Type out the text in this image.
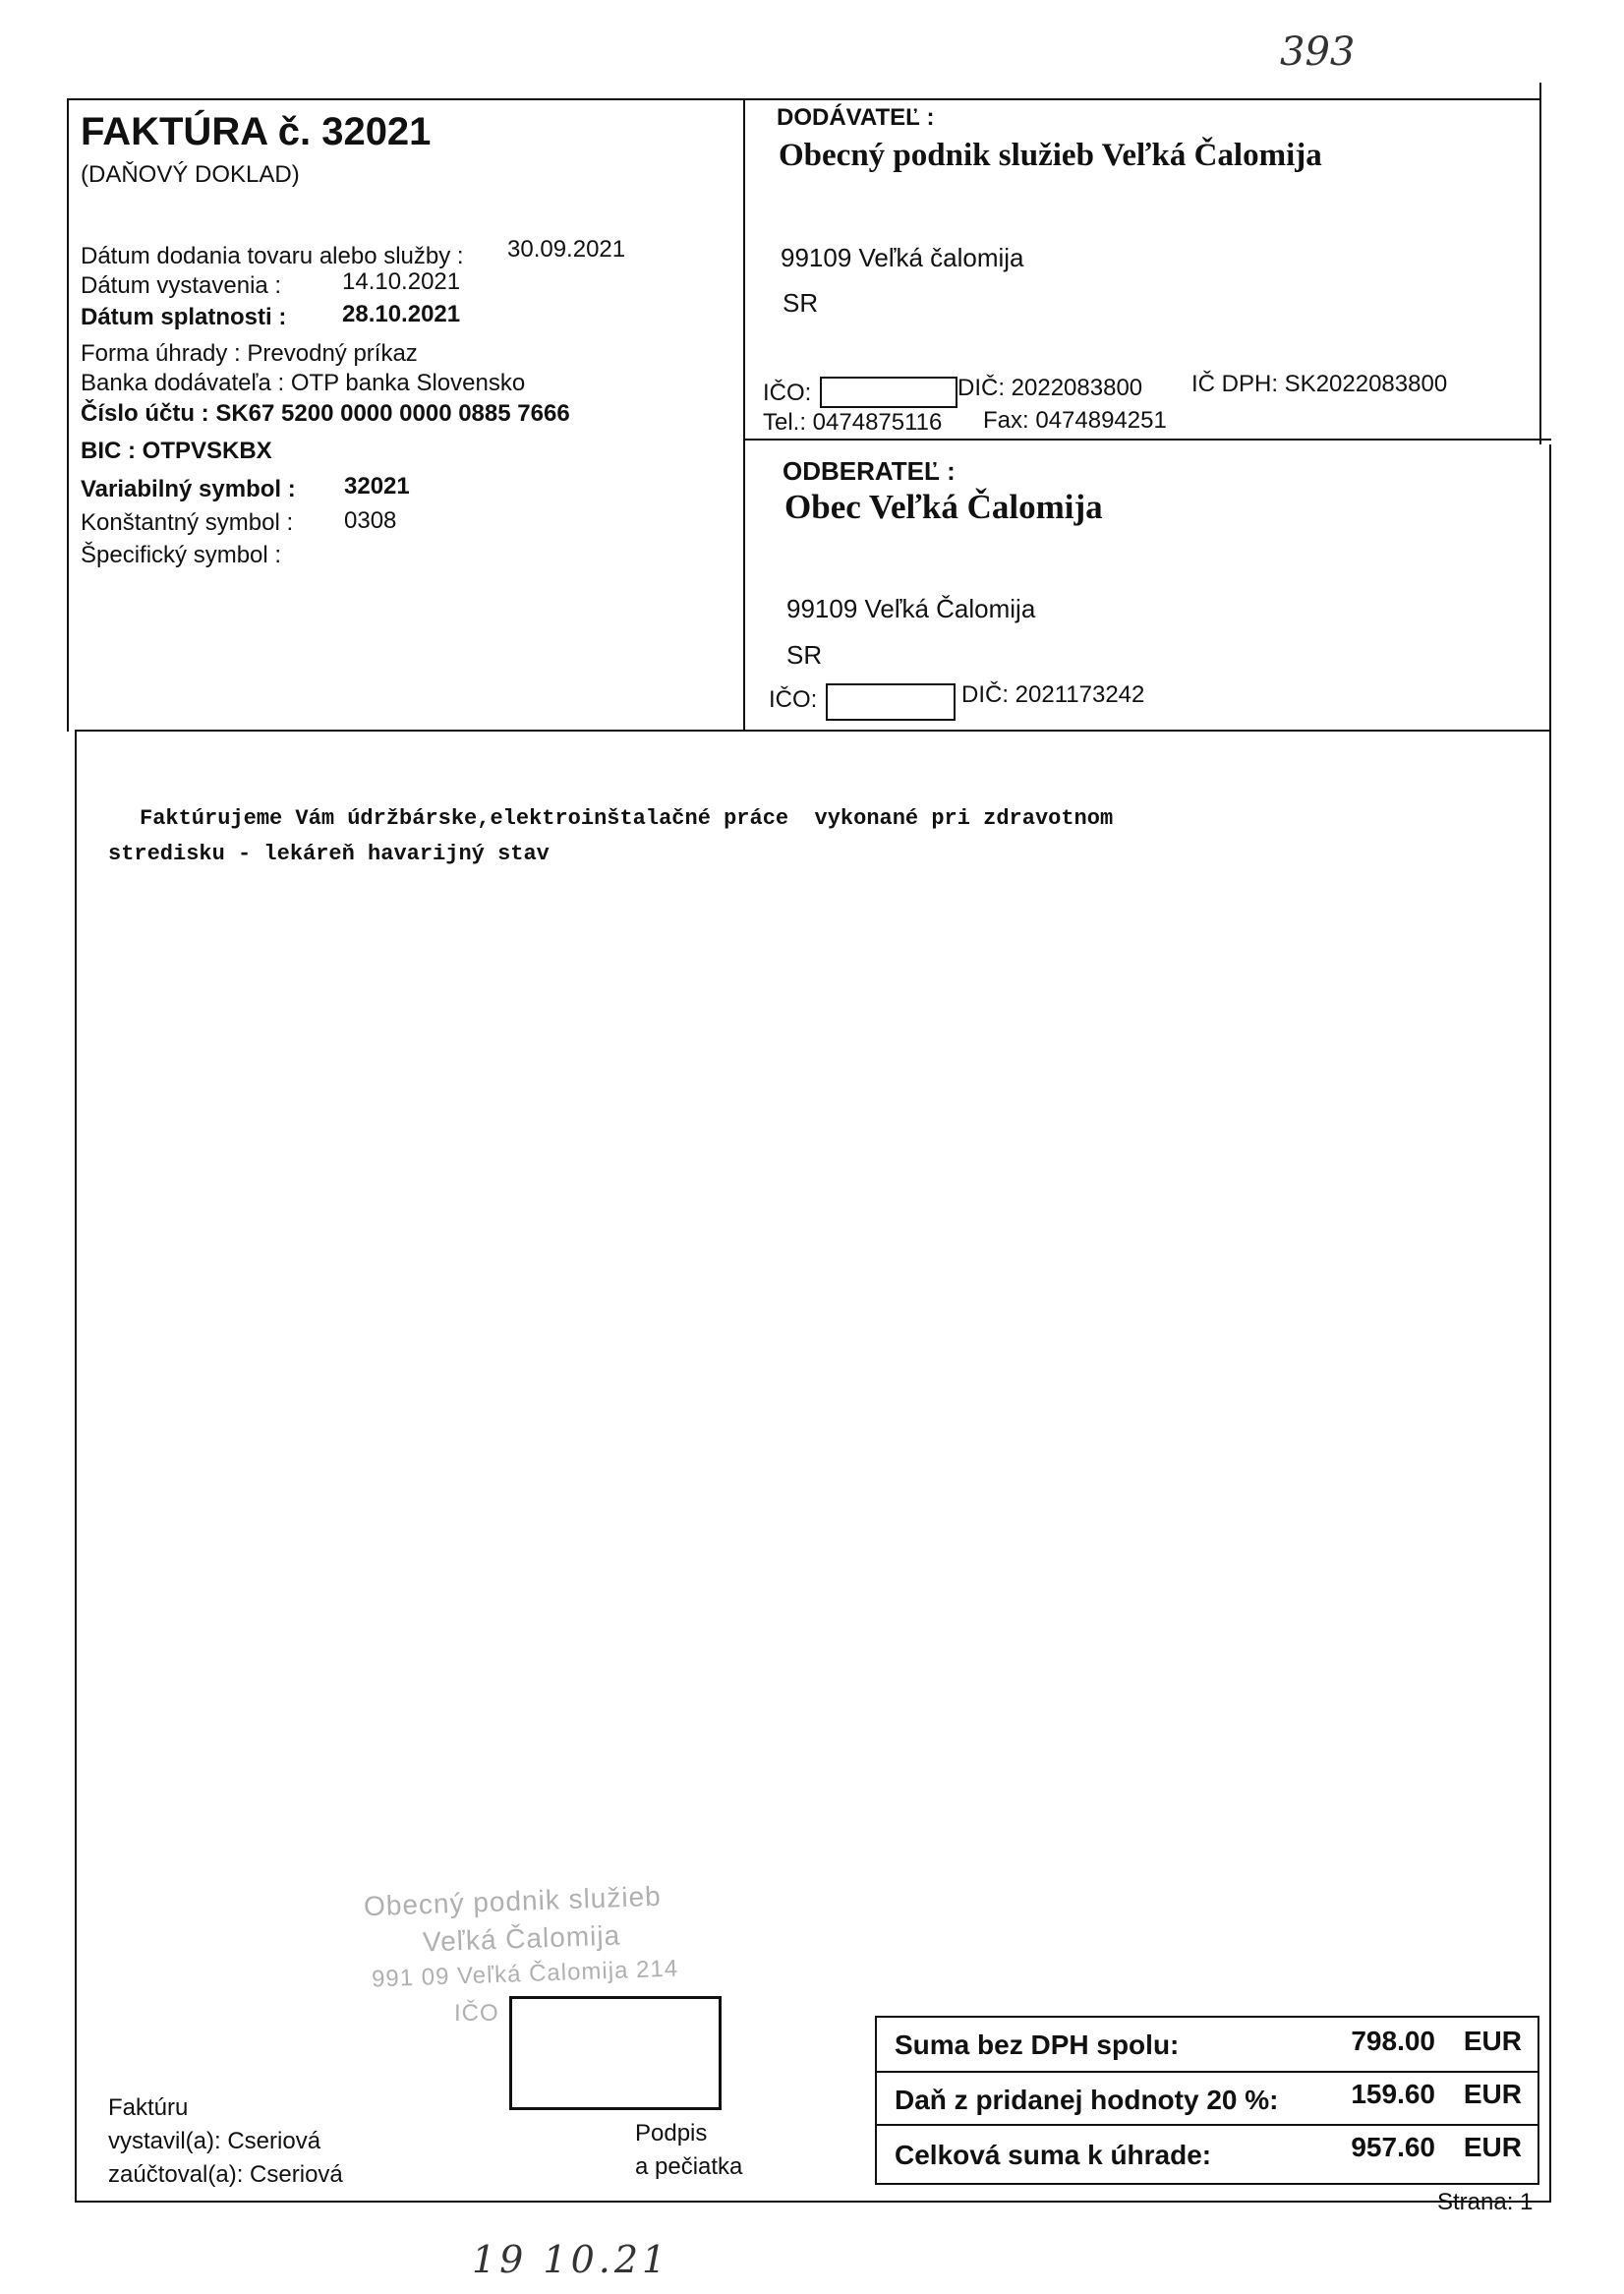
393
FAKTÚRA č. 32021
(DAŇOVÝ DOKLAD)
Dátum dodania tovaru alebo služby : 30.09.2021
Dátum vystavenia :	14.10.2021
Dátum splatnosti : 28.10.2021
Forma úhrady : Prevodný príkaz
Banka dodávateľa : OTP banka Slovensko
Číslo účtu : SK67 5200 0000 0000 0885 7666
BIC : OTPVSKBX
Variabilný symbol : 32021
Konštantný symbol : 0308
Špecifický symbol :
DODÁVATEĽ :
Obecný podnik služieb Veľká Čalomija
99109 Veľká čalomija
SR
IČO:	DIČ: 2022083800 IČ DPH: SK2022083800
Tel.: 0474875116 Fax: 0474894251
ODBERATEĽ :
Obec Veľká Čalomija
99109 Veľká Čalomija
SR
IČO:	DIČ: 2021173242
Faktúrujeme Vám údržbárske,elektroinštalačné práce  vykonané pri zdravotnom
stredisku - lekáreň havarijný stav
Obecný podnik služieb
Veľká Čalomija
991 09 Veľká Čalomija 214
IČO
Faktúru
vystavil(a): Cseriová
zaúčtoval(a): Cseriová
Podpis
a pečiatka
Suma bez DPH spolu:	798.00 EUR
Daň z pridanej hodnoty 20 %:	159.60 EUR
Celková suma k úhrade:	957.60 EUR
Strana: 1
19 10.21
